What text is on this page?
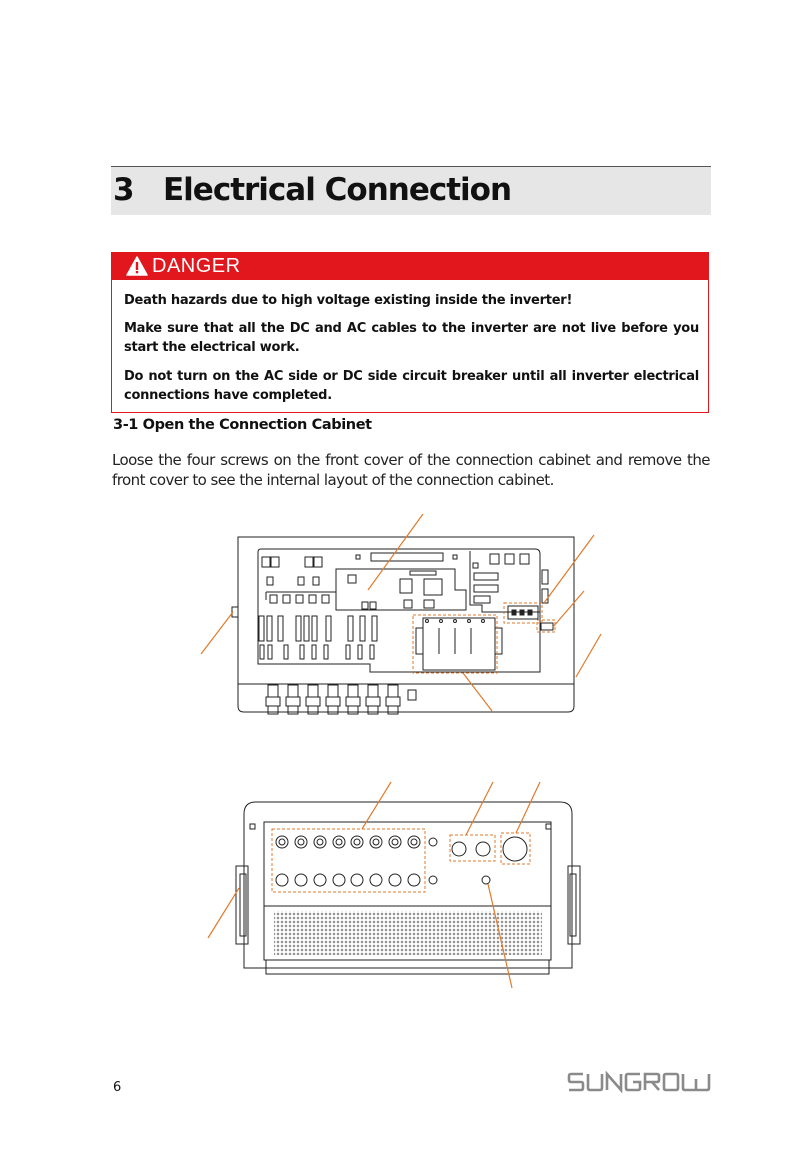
3 Electrical Connection
DANGER

Death hazards due to high voltage existing inside the inverter!

Make sure that all the DC and AC cables to the inverter are not live before you start the electrical work.

Do not turn on the AC side or DC side circuit breaker until all inverter electrical connections have completed.

3-1 Open the Connection Cabinet

Loose the four screws on the front cover of the connection cabinet and remove the front cover to see the internal layout of the connection cabinet.

6
